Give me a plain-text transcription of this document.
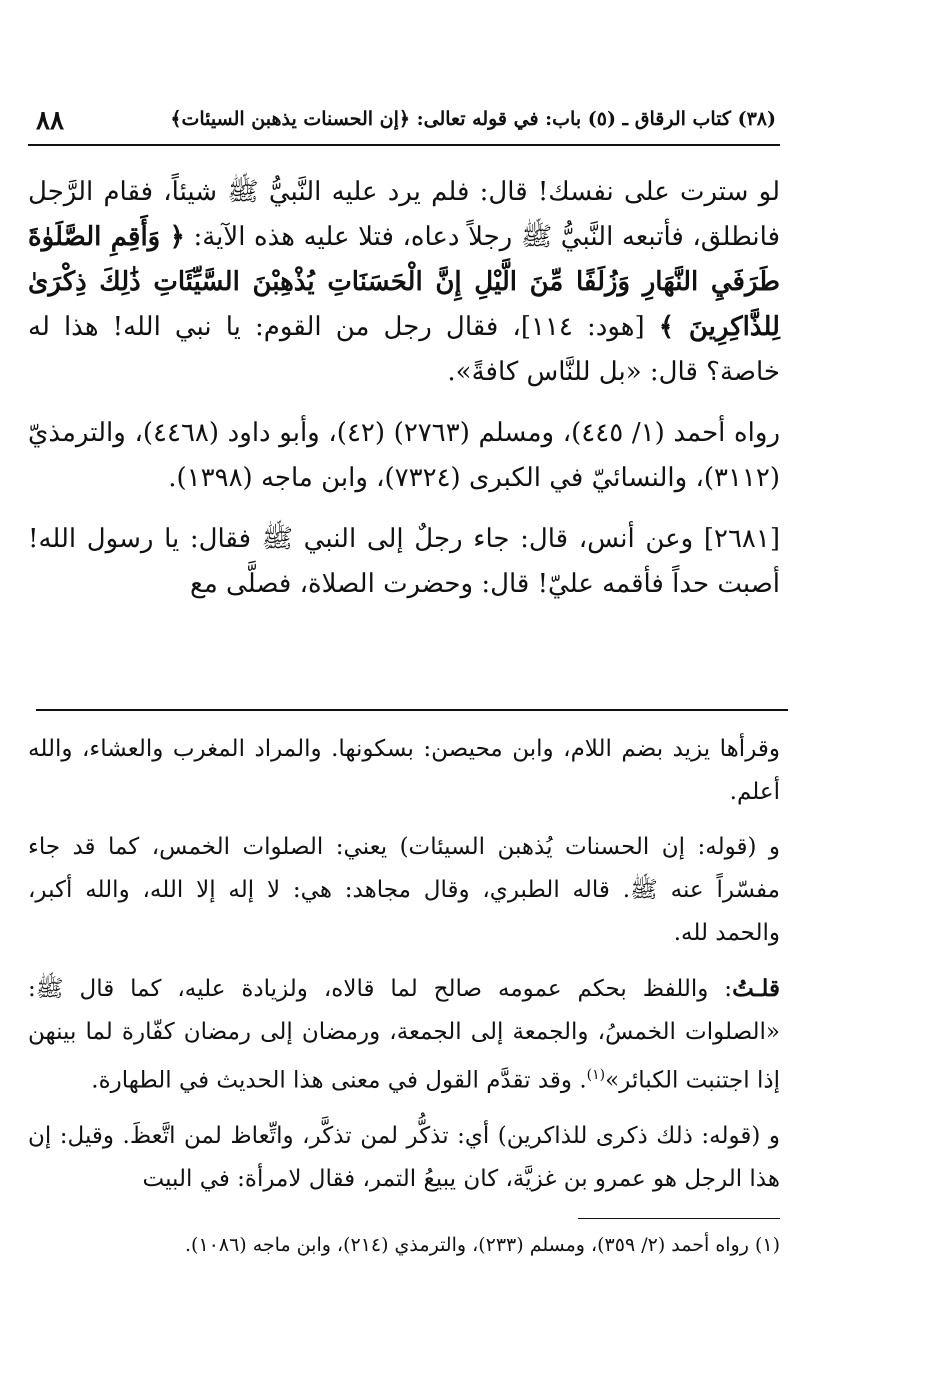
٨٨	(٣٨) كتاب الرقاق ـ (٥) باب: في قوله تعالى: ﴿إن الحسنات يذهبن السيئات﴾

لو سترت على نفسك! قال: فلم يرد عليه النَّبيُّ ﷺ شيئاً، فقام الرَّجل فانطلق، فأتبعه النَّبيُّ ﷺ رجلاً دعاه، فتلا عليه هذه الآية: ﴿ وَأَقِمِ الصَّلَوٰةَ طَرَفَيِ النَّهَارِ وَزُلَفًا مِّنَ الَّيْلِ إِنَّ الْحَسَنَاتِ يُذْهِبْنَ السَّيِّئَاتِ ذَٰلِكَ ذِكْرَىٰ لِلذَّاكِرِينَ ﴾ [هود: ١١٤]، فقال رجل من القوم: يا نبي الله! هذا له خاصة؟ قال: «بل للنَّاس كافةً».

رواه أحمد (١/ ٤٤٥)، ومسلم (٢٧٦٣) (٤٢)، وأبو داود (٤٤٦٨)، والترمذيّ (٣١١٢)، والنسائيّ في الكبرى (٧٣٢٤)، وابن ماجه (١٣٩٨).

[٢٦٨١] وعن أنس، قال: جاء رجلٌ إلى النبي ﷺ فقال: يا رسول الله! أصبت حداً فأقمه عليّ! قال: وحضرت الصلاة، فصلَّى مع

وقرأها يزيد بضم اللام، وابن محيصن: بسكونها. والمراد المغرب والعشاء، والله أعلم.

و (قوله: إن الحسنات يُذهبن السيئات) يعني: الصلوات الخمس، كما قد جاء مفسّراً عنه ﷺ. قاله الطبري، وقال مجاهد: هي: لا إله إلا الله، والله أكبر، والحمد لله.

قلـتُ: واللفظ بحكم عمومه صالح لما قالاه، ولزيادة عليه، كما قال ﷺ: «الصلوات الخمسُ، والجمعة إلى الجمعة، ورمضان إلى رمضان كفّارة لما بينهن إذا اجتنبت الكبائر»$^{(١)}$. وقد تقدَّم القول في معنى هذا الحديث في الطهارة.

و (قوله: ذلك ذكرى للذاكرين) أي: تذكُّر لمن تذكَّر، واتِّعاظ لمن اتَّعظَ. وقيل: إن هذا الرجل هو عمرو بن غزيَّة، كان يبيعُ التمر، فقال لامرأة: في البيت

(١) رواه أحمد (٢/ ٣٥٩)، ومسلم (٢٣٣)، والترمذي (٢١٤)، وابن ماجه (١٠٨٦).
